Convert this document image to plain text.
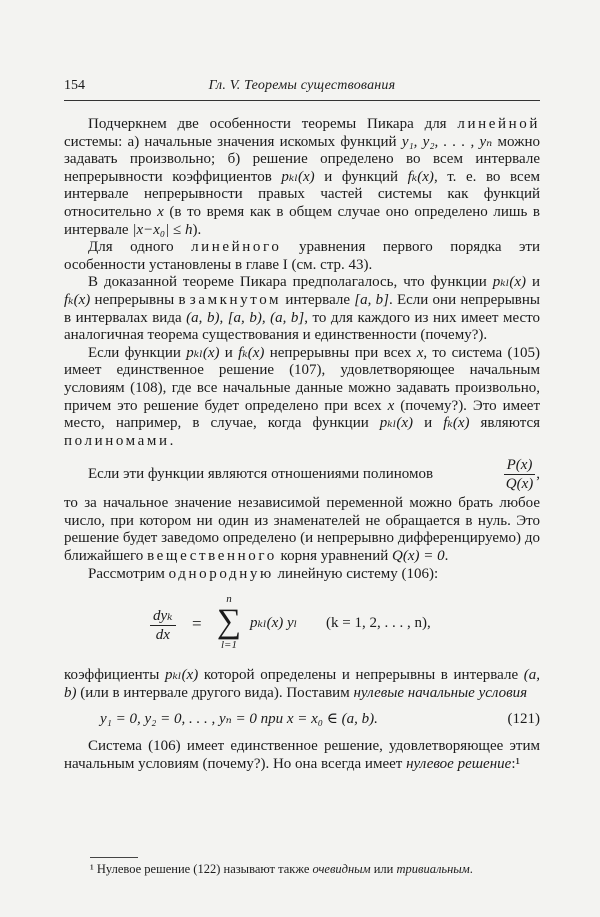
154	Гл. V. Теоремы существования

Подчеркнем две особенности теоремы Пикара для линейной системы: а) начальные значения искомых функций y₁, y₂, . . . , yₙ можно задавать произвольно; б) решение определено во всем интервале непрерывности коэффициентов pₖₗ(x) и функций fₖ(x), т. е. во всем интервале непрерывности правых частей системы как функций относительно x (в то время как в общем случае оно определено лишь в интервале |x−x₀| ≤ h).

Для одного линейного уравнения первого порядка эти особенности установлены в главе I (см. стр. 43).

В доказанной теореме Пикара предполагалось, что функции pₖₗ(x) и fₖ(x) непрерывны в замкнутом интервале [a, b]. Если они непрерывны в интервалах вида (a, b), [a, b), (a, b], то для каждого из них имеет место аналогичная теорема существования и единственности (почему?).

Если функции pₖₗ(x) и fₖ(x) непрерывны при всех x, то система (105) имеет единственное решение (107), удовлетворяющее начальным условиям (108), где все начальные данные можно задавать произвольно, причем это решение будет определено при всех x (почему?). Это имеет место, например, в случае, когда функции pₖₗ(x) и fₖ(x) являются полиномами.

Если эти функции являются отношениями полиномов	$\frac{P(x)}{Q(x)}$ ,

то за начальное значение независимой переменной можно брать любое число, при котором ни один из знаменателей не обращается в нуль. Это решение будет заведомо определено (и непрерывно дифференцируемо) до ближайшего вещественного корня уравнений Q(x) = 0.

Рассмотрим однородную линейную систему (106):

dyₖ
dx
=
n
∑
l=1
pₖₗ(x) yₗ (k = 1, 2, . . . , n),

коэффициенты pₖₗ(x) которой определены и непрерывны в интервале (a, b) (или в интервале другого вида). Поставим нулевые начальные условия

y₁ = 0, y₂ = 0, . . . , yₙ = 0 при x = x₀ ∈ (a, b).	(121)

Система (106) имеет единственное решение, удовлетворяющее этим начальным условиям (почему?). Но она всегда имеет нулевое решение:¹

¹ Нулевое решение (122) называют также очевидным или тривиальным.
